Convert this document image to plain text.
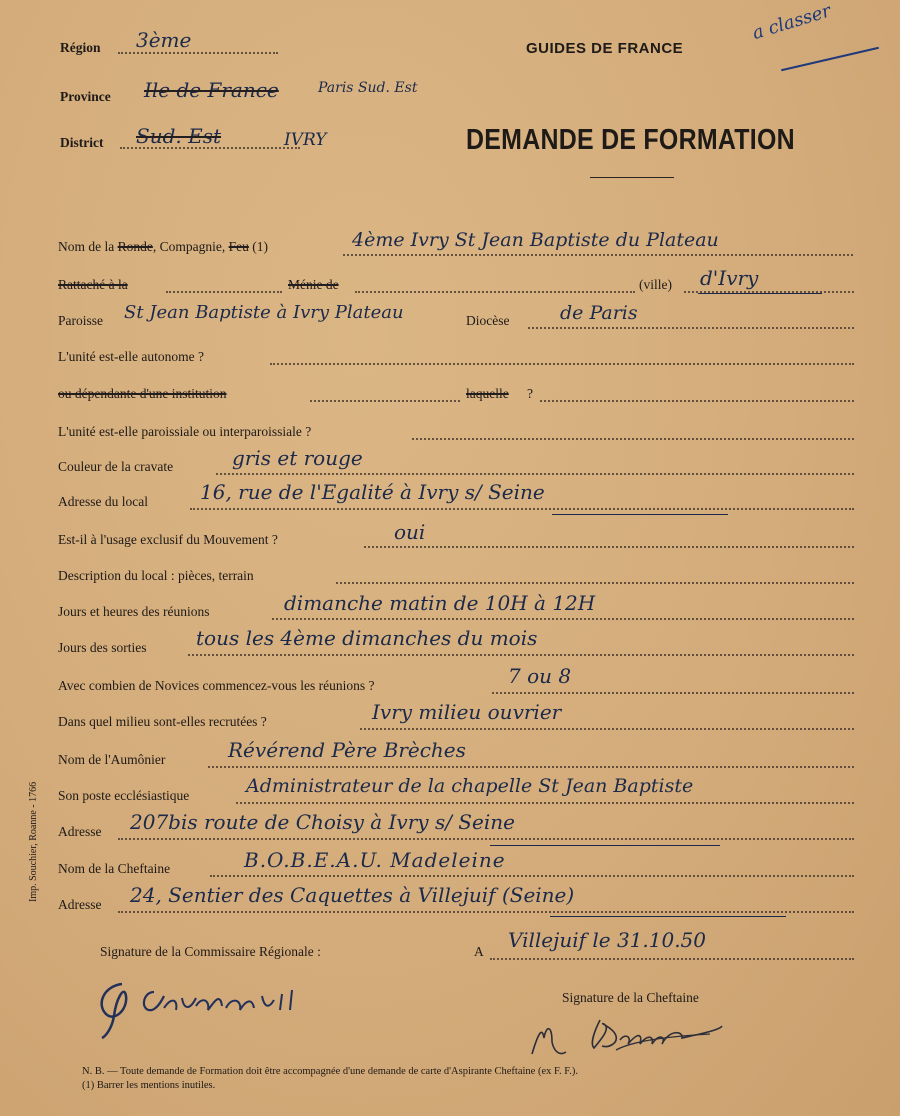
Région 3ème
Province Ile de France	Paris Sud. Est
District Sud. Est	IVRY
GUIDES DE FRANCE
a classer
DEMANDE DE FORMATION
Nom de la Ronde, Compagnie, Feu (1)	4ème Ivry St Jean Baptiste du Plateau
Rattaché à la	Ménie de	(ville) d'Ivry
Paroisse St Jean Baptiste à Ivry Plateau	Diocèse	de Paris
L'unité est-elle autonome ?
ou dépendante d'une institution	laquelle ?
L'unité est-elle paroissiale ou interparoissiale ?
Couleur de la cravate	gris et rouge
Adresse du local	16, rue de l'Egalité à Ivry s/ Seine
Est-il à l'usage exclusif du Mouvement ?	oui
Description du local : pièces, terrain
Jours et heures des réunions	dimanche matin de 10H à 12H
Jours des sorties tous les 4ème dimanches du mois
Avec combien de Novices commencez-vous les réunions ?	7 ou 8
Dans quel milieu sont-elles recrutées ?	Ivry milieu ouvrier
Nom de l'Aumônier	Révérend Père Brèches
Son poste ecclésiastique	Administrateur de la chapelle St Jean Baptiste
Adresse 207bis route de Choisy à Ivry s/ Seine
Nom de la Cheftaine	B.O.B.E.A.U. Madeleine
Adresse 24, Sentier des Caquettes à Villejuif (Seine)
Signature de la Commissaire Régionale :	A Villejuif le 31.10.50
Signature de la Cheftaine
N. B. — Toute demande de Formation doit être accompagnée d'une demande de carte d'Aspirante Cheftaine (ex F. F.).
(1) Barrer les mentions inutiles.
Imp. Souchier, Roanne - 1766
